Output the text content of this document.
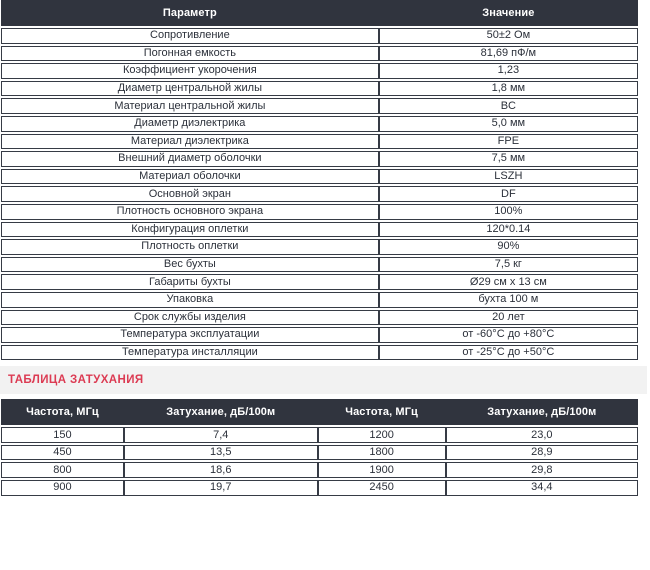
Параметр	Значение
Сопротивление	50±2 Ом
Погонная емкость	81,69 пФ/м
Коэффициент укорочения	1,23
Диаметр центральной жилы	1,8 мм
Материал центральной жилы	BC
Диаметр диэлектрика	5,0 мм
Материал диэлектрика	FPE
Внешний диаметр оболочки	7,5 мм
Материал оболочки	LSZH
Основной экран	DF
Плотность основного экрана	100%
Конфигурация оплетки	120*0.14
Плотность оплетки	90%
Вес бухты	7,5 кг
Габариты бухты	Ø29 см x 13 см
Упаковка	бухта 100 м
Срок службы изделия	20 лет
Температура эксплуатации	от -60°C до +80°C
Температура инсталляции	от -25°C до +50°C
ТАБЛИЦА ЗАТУХАНИЯ
Частота, МГц	Затухание, дБ/100м	Частота, МГц	Затухание, дБ/100м
150	7,4	1200	23,0
450	13,5	1800	28,9
800	18,6	1900	29,8
900	19,7	2450	34,4
